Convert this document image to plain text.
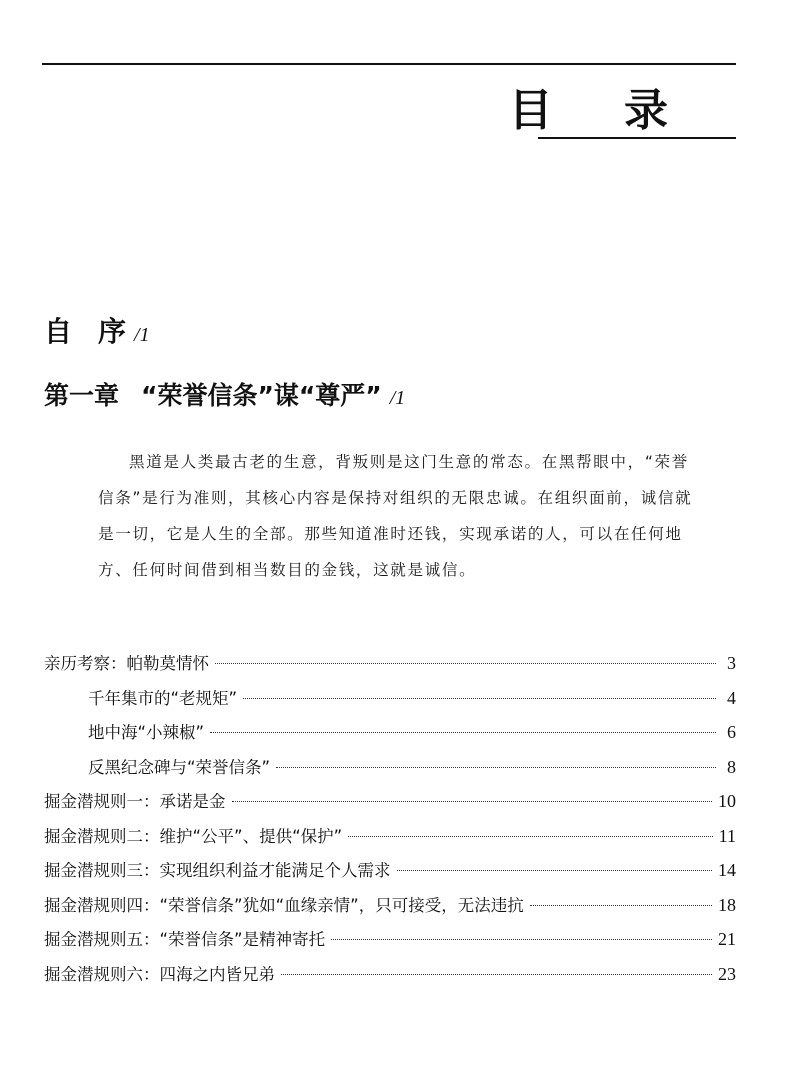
目 录
自 序 /1
第一章 “荣誉信条”谋“尊严” /1

黑道是人类最古老的生意，背叛则是这门生意的常态。在黑帮眼中，“荣誉信条”是行为准则，其核心内容是保持对组织的无限忠诚。在组织面前，诚信就是一切，它是人生的全部。那些知道准时还钱，实现承诺的人，可以在任何地方、任何时间借到相当数目的金钱，这就是诚信。

亲历考察：帕勒莫情怀	3
千年集市的“老规矩”	4
地中海“小辣椒”	6
反黑纪念碑与“荣誉信条”	8
掘金潜规则一：承诺是金	10
掘金潜规则二：维护“公平”、提供“保护”	11
掘金潜规则三：实现组织利益才能满足个人需求	14
掘金潜规则四：“荣誉信条”犹如“血缘亲情”，只可接受，无法违抗	18
掘金潜规则五：“荣誉信条”是精神寄托	21
掘金潜规则六：四海之内皆兄弟	23
